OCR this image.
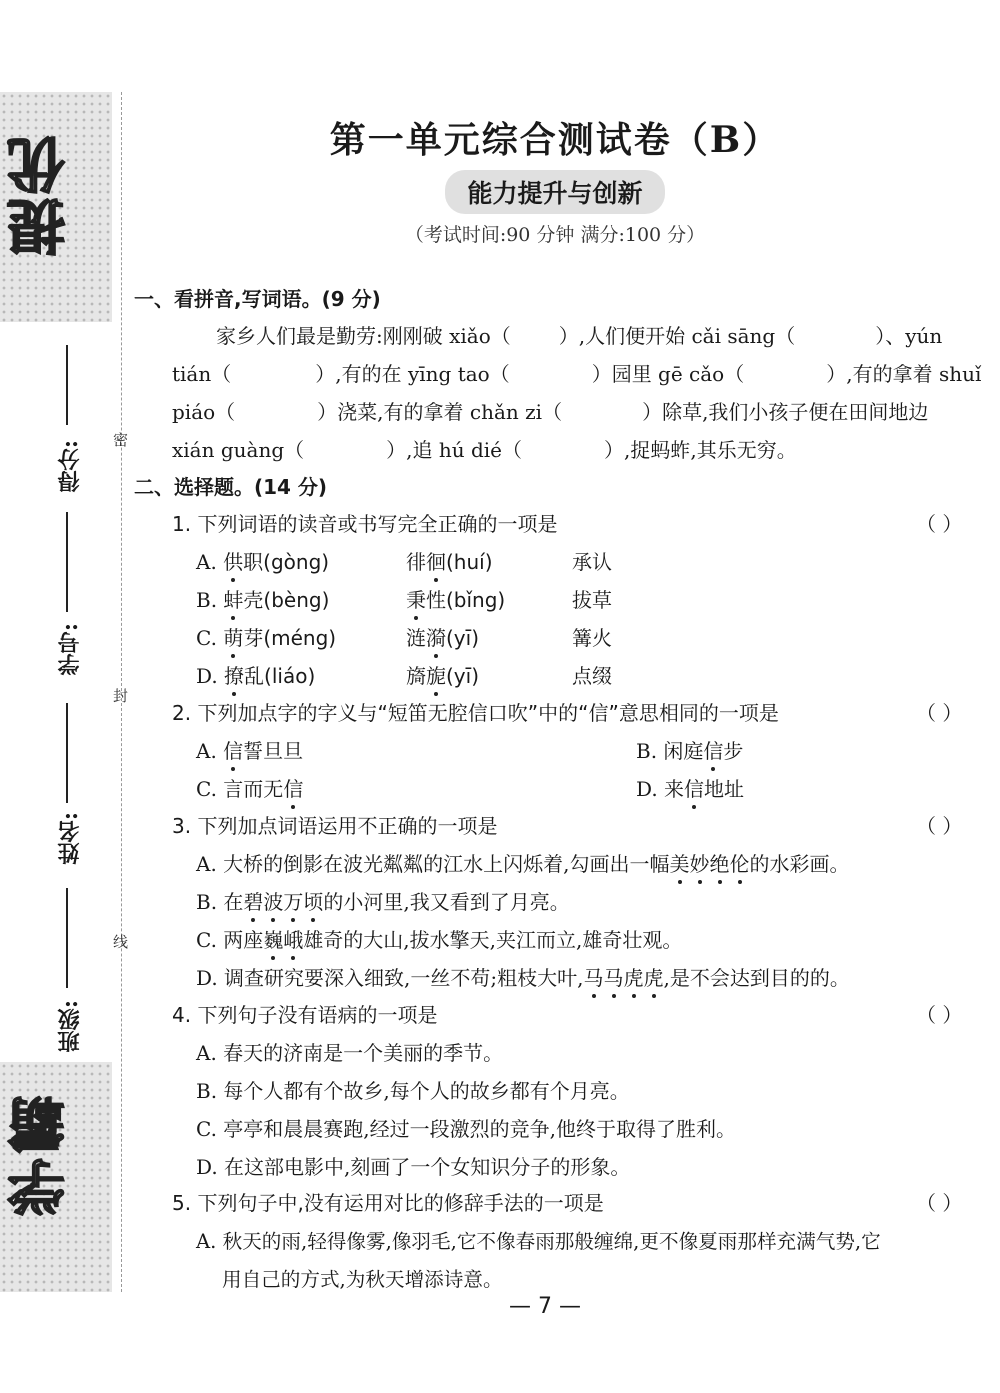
提优
学霸
密
封
线
班级:
姓名:
学号:
得分:
第一单元综合测试卷（B）
能力提升与创新
（考试时间:90 分钟 满分:100 分）
一、看拼音,写词语。(9 分)
家乡人们最是勤劳:刚刚破 xiǎo（ ）,人们便开始 cǎi sāng（	）、yún
tián（	）,有的在 yīng tao（	）园里 gē cǎo（	）,有的拿着 shuǐ
piáo（	）浇菜,有的拿着 chǎn zi（	）除草,我们小孩子便在田间地边
xián guàng（	）,追 hú dié（	）,捉蚂蚱,其乐无穷。
二、选择题。(14 分)
1. 下列词语的读音或书写完全正确的一项是	（ ）
A. 供职(gòng)	徘徊(huí)	承认
B. 蚌壳(bèng)	秉性(bǐng)	拔草
C. 萌芽(méng)	涟漪(yī)	篝火
D. 撩乱(liáo)	旖旎(yī)	点缀
2. 下列加点字的字义与“短笛无腔信口吹”中的“信”意思相同的一项是	（ ）
A. 信誓旦旦	B. 闲庭信步
C. 言而无信	D. 来信地址
3. 下列加点词语运用不正确的一项是	（ ）
A. 大桥的倒影在波光粼粼的江水上闪烁着,勾画出一幅美妙绝伦的水彩画。
B. 在碧波万顷的小河里,我又看到了月亮。
C. 两座巍峨雄奇的大山,拔水擎天,夹江而立,雄奇壮观。
D. 调查研究要深入细致,一丝不苟;粗枝大叶,马马虎虎,是不会达到目的的。
4. 下列句子没有语病的一项是	（ ）
A. 春天的济南是一个美丽的季节。
B. 每个人都有个故乡,每个人的故乡都有个月亮。
C. 亭亭和晨晨赛跑,经过一段激烈的竞争,他终于取得了胜利。
D. 在这部电影中,刻画了一个女知识分子的形象。
5. 下列句子中,没有运用对比的修辞手法的一项是	（ ）
A. 秋天的雨,轻得像雾,像羽毛,它不像春雨那般缠绵,更不像夏雨那样充满气势,它
用自己的方式,为秋天增添诗意。
— 7 —
